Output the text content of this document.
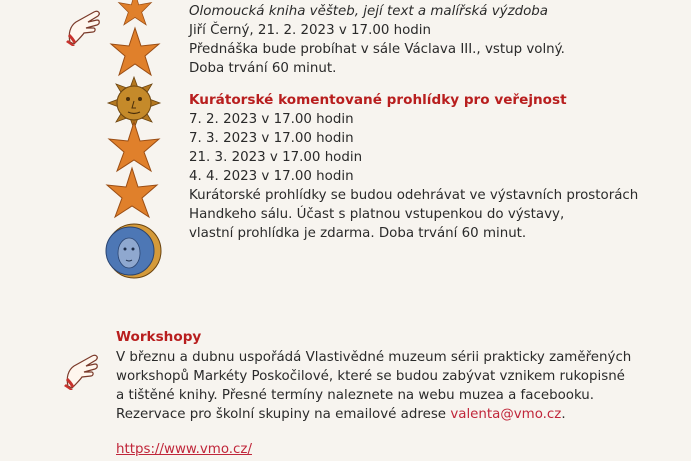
Olomoucká kniha věšteb, její text a malířská výzdoba
Jiří Černý, 21. 2. 2023 v 17.00 hodin
Přednáška bude probíhat v sále Václava III., vstup volný.
Doba trvání 60 minut.
Kurátorské komentované prohlídky pro veřejnost
7. 2. 2023 v 17.00 hodin
7. 3. 2023 v 17.00 hodin
21. 3. 2023 v 17.00 hodin
4. 4. 2023 v 17.00 hodin
Kurátorské prohlídky se budou odehrávat ve výstavních prostorách
Handkeho sálu. Účast s platnou vstupenkou do výstavy,
vlastní prohlídka je zdarma. Doba trvání 60 minut.
Workshopy
V březnu a dubnu uspořádá Vlastivědné muzeum sérii prakticky zaměřených
workshopů Markéty Poskočilové, které se budou zabývat vznikem rukopisné
a tištěné knihy. Přesné termíny naleznete na webu muzea a facebooku.
Rezervace pro školní skupiny na emailové adrese valenta@vmo.cz.
https://www.vmo.cz/
